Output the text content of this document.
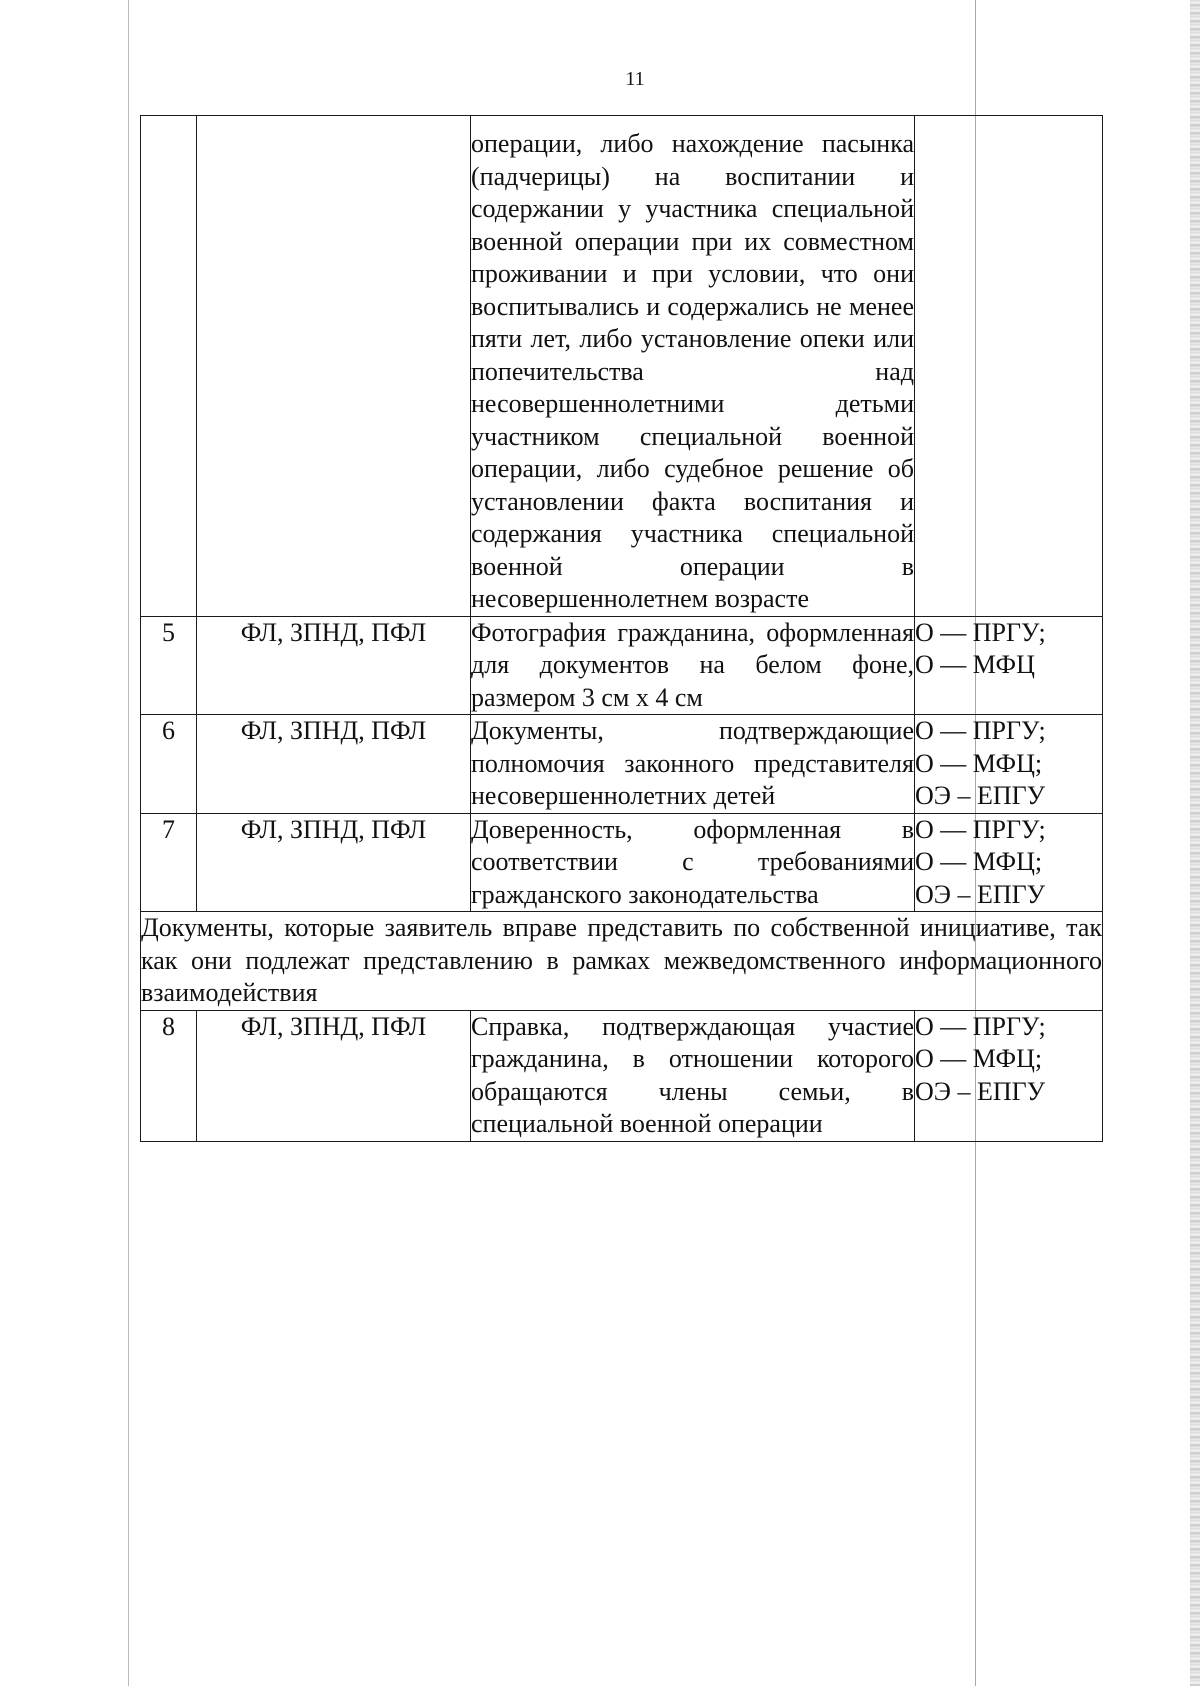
11
		операции, либо нахождение пасынка (падчерицы) на воспитании и содержании у участника специальной военной операции при их совместном проживании и при условии, что они воспитывались и содержались не менее пяти лет, либо установление опеки или попечительства над несовершеннолетними детьми участником специальной военной операции, либо судебное решение об установлении факта воспитания и содержания участника специальной военной операции в несовершеннолетнем возрасте	
5	ФЛ, ЗПНД, ПФЛ	Фотография гражданина, оформленная для документов на белом фоне, размером 3 см х 4 см	О — ПРГУ;
О — МФЦ

6	ФЛ, ЗПНД, ПФЛ	Документы, подтверждающие полномочия законного представителя несовершеннолетних детей	О — ПРГУ;
О — МФЦ;
ОЭ – ЕПГУ

7	ФЛ, ЗПНД, ПФЛ	Доверенность, оформленная в соответствии с требованиями гражданского законодательства	О — ПРГУ;
О — МФЦ;
ОЭ – ЕПГУ

Документы, которые заявитель вправе представить по собственной инициативе, так как они подлежат представлению в рамках межведомственного информационного взаимодействия			
8	ФЛ, ЗПНД, ПФЛ	Справка, подтверждающая участие гражданина, в отношении которого обращаются члены семьи, в специальной военной операции	О — ПРГУ;
О — МФЦ;
ОЭ – ЕПГУ
